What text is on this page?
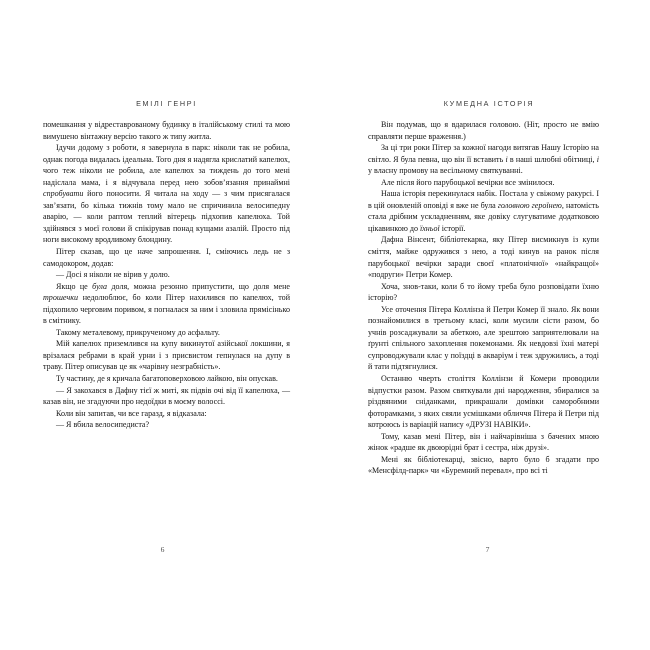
ЕМІЛІ ГЕНРІ

помешкання у відреставрованому будинку в італійському стилі та мою вимушено вінтажну версію такого ж типу житла.

Ідучи додому з роботи, я завернула в парк: ніколи так не робила, однак погода видалась ідеальна. Того дня я надягла крислатий капелюх, чого теж ніколи не робила, але капелюх за тиждень до того мені надіслала мама, і я відчувала перед нею зобов’язання принаймні спробувати його поносити. Я читала на ходу — з чим присягалася зав’язати, бо кілька тижнів тому мало не спричинила велосипедну аварію, — коли раптом теплий вітерець підхопив капелюха. Той здійнявся з моєї голови й спікірував понад кущами азалій. Просто під ноги високому вродливому блондину.

Пітер сказав, що це наче запрошення. І, сміючись ледь не з самодокором, додав:

— Досі я ніколи не вірив у долю.

Якщо це була доля, можна резонно припустити, що доля мене трошечки недолюблює, бо коли Пітер нахилився по капелюх, той підхопило черговим поривом, я погналася за ним і зловила прямісінько в смітнику.

Такому металевому, прикрученому до асфальту.

Мій капелюх приземлився на купу викинутої азійської локшини, я врізалася ребрами в край урни і з присвистом гепнулася на дупу в траву. Пітер описував це як «чарівну незграбність».

Ту частину, де я кричала багатоповерховою лайкою, він опускав.

— Я закохався в Дафну тієї ж миті, як підвів очі від її капелюха, — казав він, не згадуючи про недоїдки в моєму волоссі.

Коли він запитав, чи все гаразд, я відказала:

— Я вбила велосипедиста?

6
КУМЕДНА ІСТОРІЯ

Він подумав, що я вдарилася головою. (Ніт, просто не вмію справляти перше враження.)

За ці три роки Пітер за кожної нагоди витягав Нашу Історію на світло. Я була певна, що він її вставить і в наші шлюбні обітниці, і у власну промову на весільному святкуванні.

Але після його парубоцької вечірки все змінилося.

Наша історія перекинулася набік. Постала у свіжому ракурсі. І в цій оновленій оповіді я вже не була головною героїнею, натомість стала дрібним ускладненням, яке довіку слугуватиме додатковою цікавинкою до їхньої історії.

Дафна Вінсент, бібліотекарка, яку Пітер висмикнув із купи сміття, майже одружився з нею, а тоді кинув на ранок після парубоцької вечірки заради своєї «платонічної» «найкращої» «подруги» Петри Комер.

Хоча, знов-таки, коли б то йому треба було розповідати їхню історію?

Усе оточення Пітера Коллінза й Петри Комер її знало. Як вони познайомилися в третьому класі, коли мусили сісти разом, бо учнів розсаджували за абеткою, але зрештою заприятелювали на ґрунті спільного захоплення покемонами. Як невдовзі їхні матері супроводжували клас у поїздці в акваріум і теж здружились, а тоді й тати підтягнулися.

Останню чверть століття Коллінзи й Комери проводили відпустки разом. Разом святкували дні народження, збиралися за різдвяними сніданками, прикрашали домівки саморобними фоторамками, з яких сяяли усмішками обличчя Пітера й Петри під котроюсь із варіацій напису «ДРУЗІ НАВІКИ».

Тому, казав мені Пітер, він і найчарівніша з бачених мною жінок «радше як двоюрідні брат і сестра, ніж друзі».

Мені як бібліотекарці, звісно, варто було б згадати про «Менсфілд-парк» чи «Буремний перевал», про всі ті

7
